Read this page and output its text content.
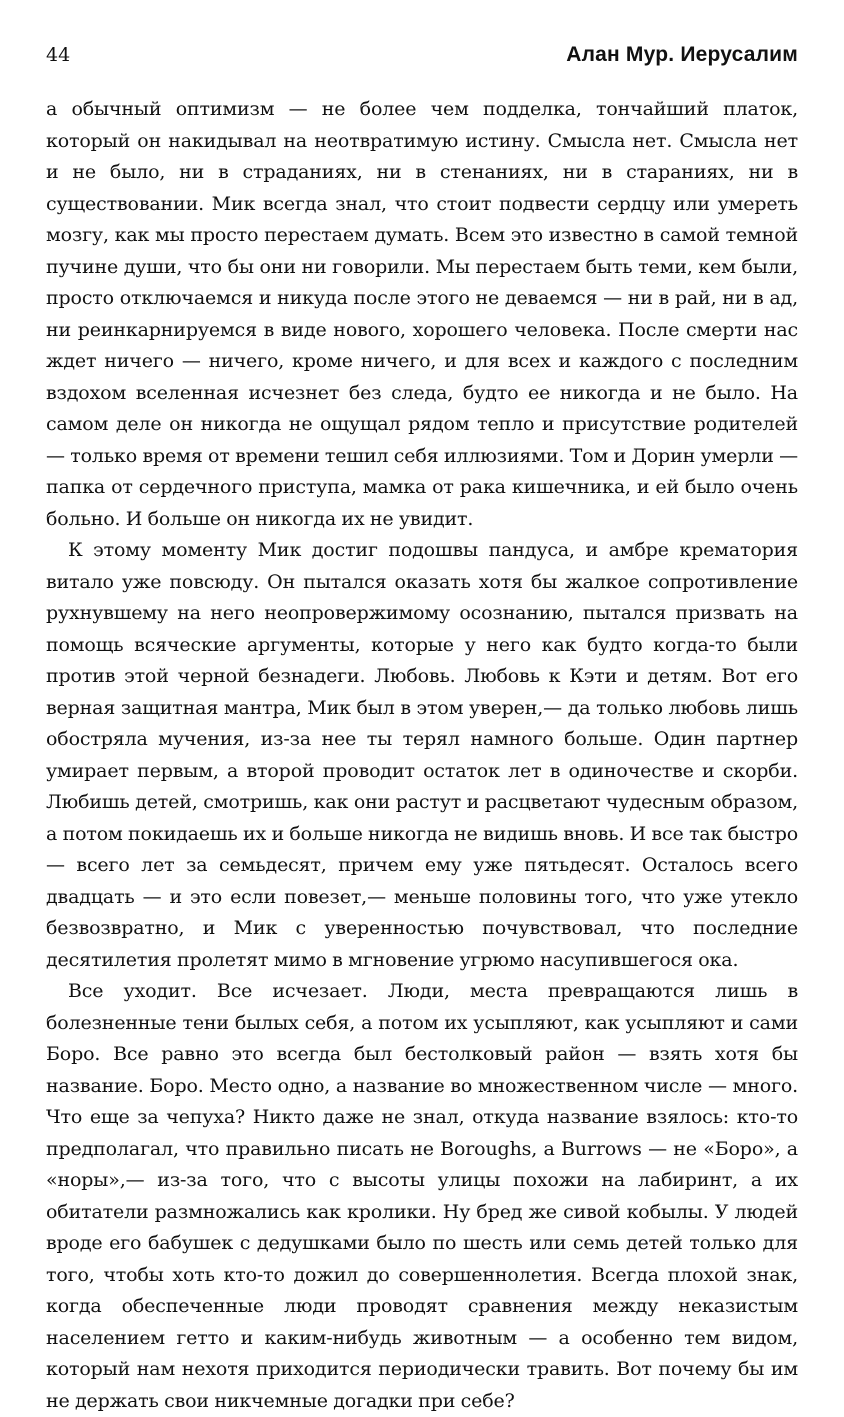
44	Алан Мур. Иерусалим

а обычный оптимизм — не более чем подделка, тончайший платок, который он накидывал на неотвратимую истину. Смысла нет. Смысла нет и не было, ни в страданиях, ни в стенаниях, ни в стараниях, ни в существовании. Мик всегда знал, что стоит подвести сердцу или умереть мозгу, как мы просто перестаем думать. Всем это известно в самой темной пучине души, что бы они ни говорили. Мы перестаем быть теми, кем были, просто отключаемся и никуда после этого не деваемся — ни в рай, ни в ад, ни реинкарнируемся в виде нового, хорошего человека. После смерти нас ждет ничего — ничего, кроме ничего, и для всех и каждого с последним вздохом вселенная исчезнет без следа, будто ее никогда и не было. На самом деле он никогда не ощущал рядом тепло и присутствие родителей — только время от времени тешил себя иллюзиями. Том и Дорин умерли — папка от сердечного приступа, мамка от рака кишечника, и ей было очень больно. И больше он никогда их не увидит.

К этому моменту Мик достиг подошвы пандуса, и амбре крематория витало уже повсюду. Он пытался оказать хотя бы жалкое сопротивление рухнувшему на него неопровержимому осознанию, пытался призвать на помощь всяческие аргументы, которые у него как будто когда-то были против этой черной безнадеги. Любовь. Любовь к Кэти и детям. Вот его верная защитная мантра, Мик был в этом уверен,— да только любовь лишь обостряла мучения, из-за нее ты терял намного больше. Один партнер умирает первым, а второй проводит остаток лет в одиночестве и скорби. Любишь детей, смотришь, как они растут и расцветают чудесным образом, а потом покидаешь их и больше никогда не видишь вновь. И все так быстро — всего лет за семьдесят, причем ему уже пятьдесят. Осталось всего двадцать — и это если повезет,— меньше половины того, что уже утекло безвозвратно, и Мик с уверенностью почувствовал, что последние десятилетия пролетят мимо в мгновение угрюмо насупившегося ока.

Все уходит. Все исчезает. Люди, места превращаются лишь в болезненные тени былых себя, а потом их усыпляют, как усыпляют и сами Боро. Все равно это всегда был бестолковый район — взять хотя бы название. Боро. Место одно, а название во множественном числе — много. Что еще за чепуха? Никто даже не знал, откуда название взялось: кто-то предполагал, что правильно писать не Boroughs, а Burrows — не «Боро», а «норы»,— из-за того, что с высоты улицы похожи на лабиринт, а их обитатели размножались как кролики. Ну бред же сивой кобылы. У людей вроде его бабушек с дедушками было по шесть или семь детей только для того, чтобы хоть кто-то дожил до совершеннолетия. Всегда плохой знак, когда обеспеченные люди проводят сравнения между неказистым населением гетто и каким-нибудь животным — а особенно тем видом, который нам нехотя приходится периодически травить. Вот почему бы им не держать свои никчемные догадки при себе?
